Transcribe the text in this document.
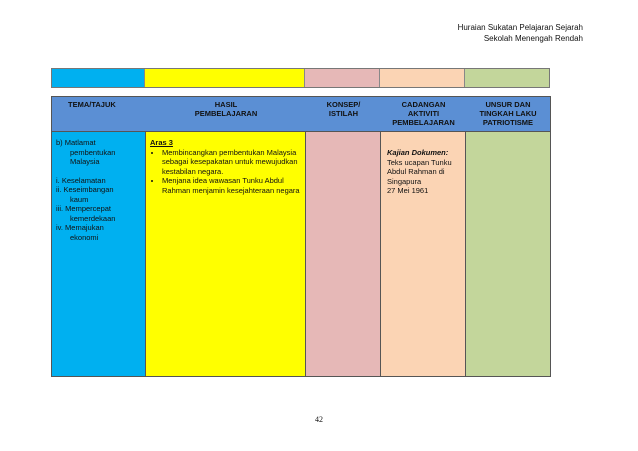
Huraian Sukatan Pelajaran Sejarah
Sekolah Menengah Rendah
TEMA/TAJUK	HASIL
PEMBELAJARAN
KONSEP/
ISTILAH
CADANGAN
AKTIVITI
PEMBELAJARAN
UNSUR DAN
TINGKAH LAKU
PATRIOTISME
b) Matlamat
pembentukan
Malaysia
i. Keselamatan
ii. Keseimbangan
kaum
iii. Mempercepat
kemerdekaan
iv. Memajukan
ekonomi
Aras 3
• Membincangkan pembentukan Malaysia sebagai kesepakatan untuk mewujudkan kestabilan negara.
• Menjana idea wawasan Tunku Abdul Rahman menjamin kesejahteraan negara
Kajian Dokumen:
Teks ucapan Tunku Abdul Rahman di Singapura
27 Mei 1961
42
